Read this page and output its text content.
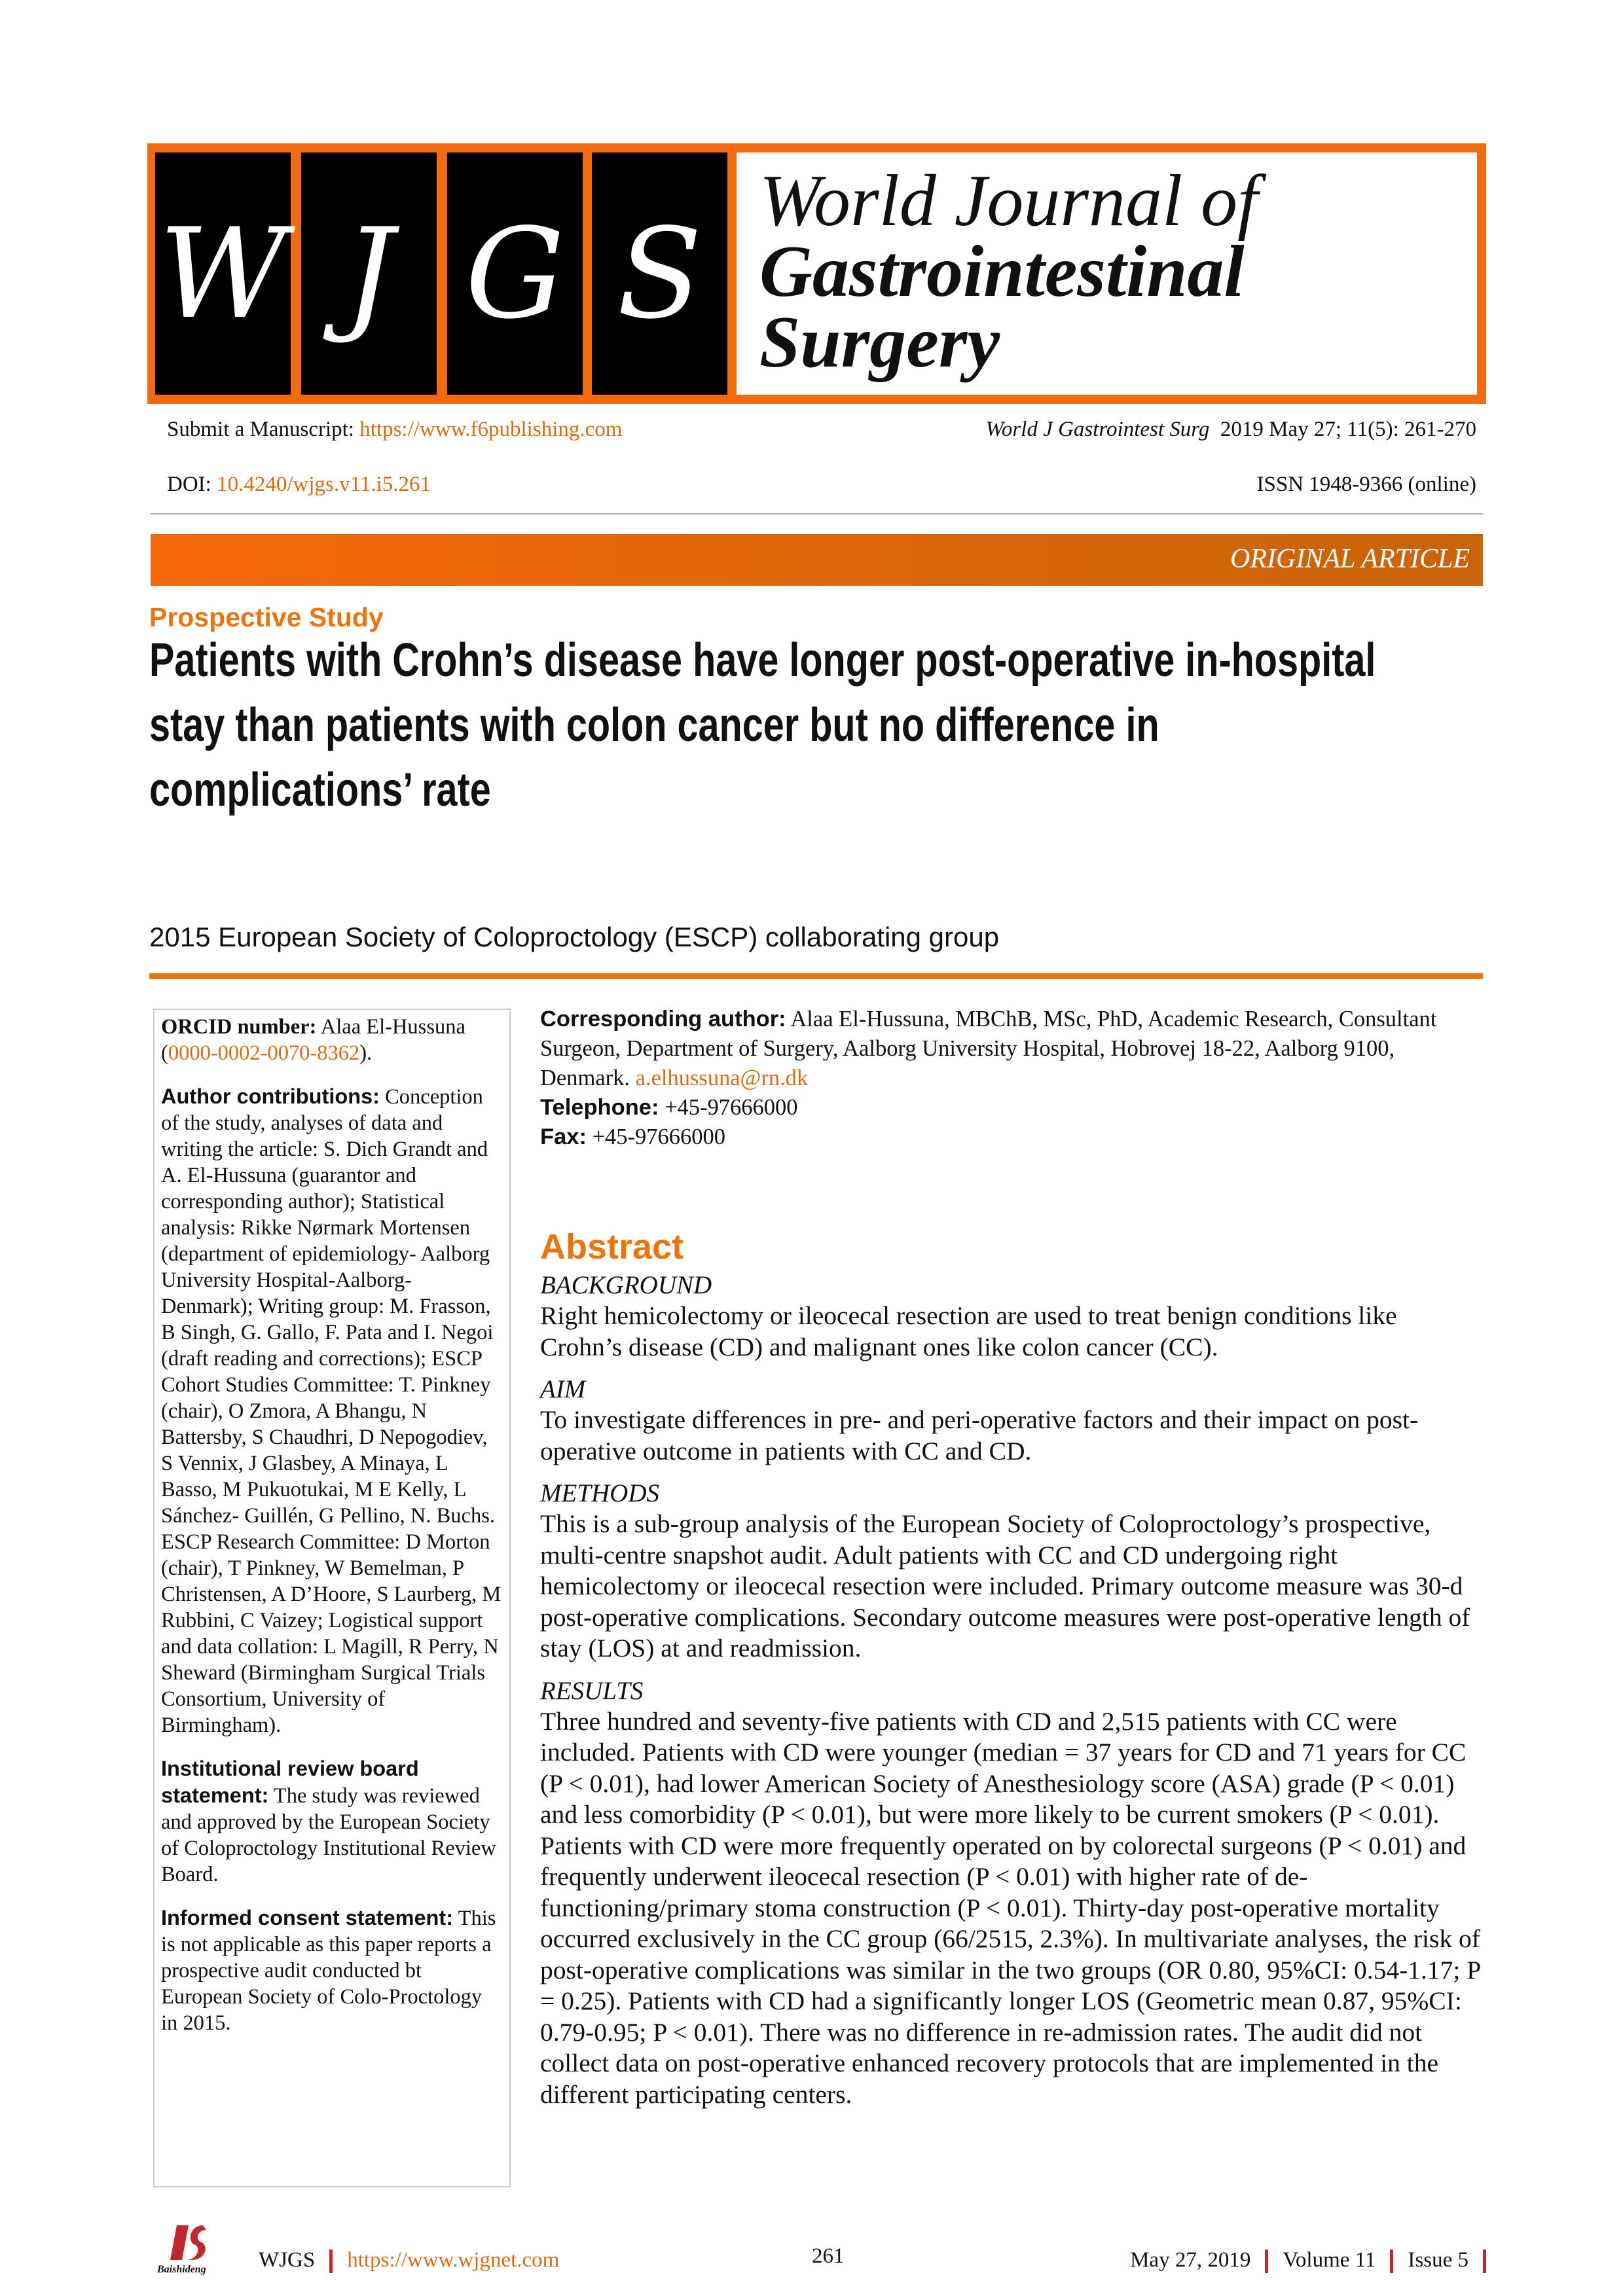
W J G S
World Journal of
Gastrointestinal
Surgery
Submit a Manuscript: https://www.f6publishing.com	World J Gastrointest Surg 2019 May 27; 11(5): 261-270
DOI: 10.4240/wjgs.v11.i5.261	ISSN 1948-9366 (online)
ORIGINAL ARTICLE
Prospective Study
Patients with Crohn’s disease have longer post-operative in-hospital
stay than patients with colon cancer but no difference in
complications’ rate
2015 European Society of Coloproctology (ESCP) collaborating group

ORCID number: Alaa El-Hussuna (0000-0002-0070-8362).

Author contributions: Conception of the study, analyses of data and writing the article: S. Dich Grandt and A. El-Hussuna (guarantor and corresponding author); Statistical analysis: Rikke Nørmark Mortensen (department of epidemiology- Aalborg University Hospital-Aalborg- Denmark); Writing group: M. Frasson, B Singh, G. Gallo, F. Pata and I. Negoi (draft reading and corrections); ESCP Cohort Studies Committee: T. Pinkney (chair), O Zmora, A Bhangu, N Battersby, S Chaudhri, D Nepogodiev, S Vennix, J Glasbey, A Minaya, L Basso, M Pukuotukai, M E Kelly, L Sánchez- Guillén, G Pellino, N. Buchs. ESCP Research Committee: D Morton (chair), T Pinkney, W Bemelman, P Christensen, A D’Hoore, S Laurberg, M Rubbini, C Vaizey; Logistical support and data collation: L Magill, R Perry, N Sheward (Birmingham Surgical Trials Consortium, University of Birmingham).

Institutional review board statement: The study was reviewed and approved by the European Society of Coloproctology Institutional Review Board.

Informed consent statement: This is not applicable as this paper reports a prospective audit conducted bt European Society of Colo-Proctology in 2015.

Corresponding author: Alaa El-Hussuna, MBChB, MSc, PhD, Academic Research, Consultant Surgeon, Department of Surgery, Aalborg University Hospital, Hobrovej 18-22, Aalborg 9100, Denmark. a.elhussuna@rn.dk
Telephone: +45-97666000
Fax: +45-97666000
Abstract
BACKGROUND

Right hemicolectomy or ileocecal resection are used to treat benign conditions like Crohn’s disease (CD) and malignant ones like colon cancer (CC).

AIM

To investigate differences in pre- and peri-operative factors and their impact on post-operative outcome in patients with CC and CD.

METHODS

This is a sub-group analysis of the European Society of Coloproctology’s prospective, multi-centre snapshot audit. Adult patients with CC and CD undergoing right hemicolectomy or ileocecal resection were included. Primary outcome measure was 30-d post-operative complications. Secondary outcome measures were post-operative length of stay (LOS) at and readmission.

RESULTS

Three hundred and seventy-five patients with CD and 2,515 patients with CC were included. Patients with CD were younger (median = 37 years for CD and 71 years for CC (P < 0.01), had lower American Society of Anesthesiology score (ASA) grade (P < 0.01) and less comorbidity (P < 0.01), but were more likely to be current smokers (P < 0.01). Patients with CD were more frequently operated on by colorectal surgeons (P < 0.01) and frequently underwent ileocecal resection (P < 0.01) with higher rate of de-functioning/primary stoma construction (P < 0.01). Thirty-day post-operative mortality occurred exclusively in the CC group (66/2515, 2.3%). In multivariate analyses, the risk of post-operative complications was similar in the two groups (OR 0.80, 95%CI: 0.54-1.17; P = 0.25). Patients with CD had a significantly longer LOS (Geometric mean 0.87, 95%CI: 0.79-0.95; P < 0.01). There was no difference in re-admission rates. The audit did not collect data on post-operative enhanced recovery protocols that are implemented in the different participating centers.

Baishideng WJGS https://www.wjgnet.com	261	May 27, 2019 Volume 11 Issue 5
